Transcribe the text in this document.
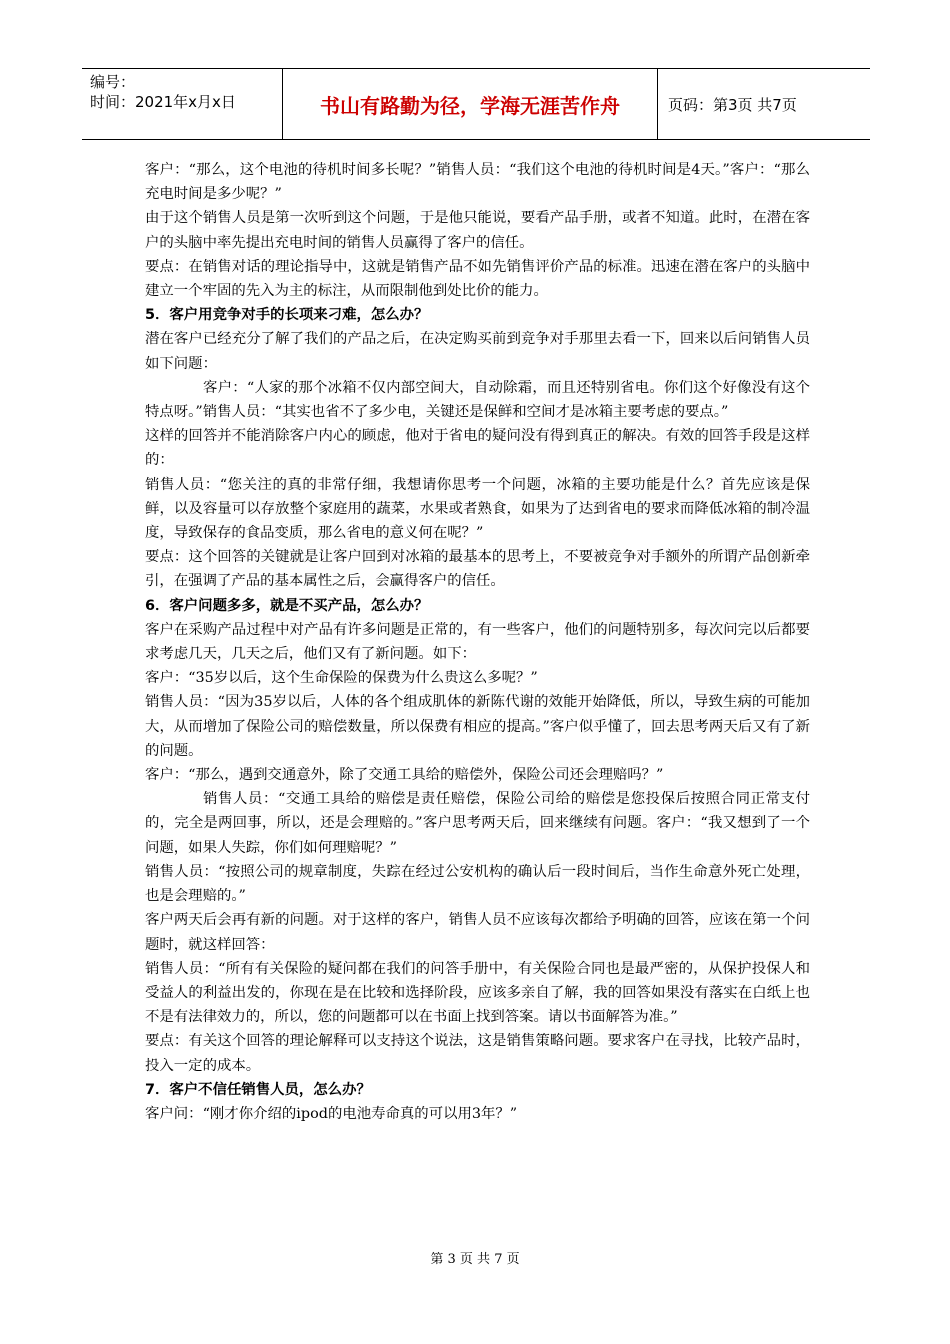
编号：
时间：2021年x月x日	书山有路勤为径，学海无涯苦作舟	页码：第3页 共7页

客户：“那么，这个电池的待机时间多长呢？”销售人员：“我们这个电池的待机时间是4天。”客户：“那么充电时间是多少呢？”

由于这个销售人员是第一次听到这个问题，于是他只能说，要看产品手册，或者不知道。此时，在潜在客户的头脑中率先提出充电时间的销售人员赢得了客户的信任。

要点：在销售对话的理论指导中，这就是销售产品不如先销售评价产品的标准。迅速在潜在客户的头脑中建立一个牢固的先入为主的标注，从而限制他到处比价的能力。

5．客户用竞争对手的长项来刁难，怎么办？

潜在客户已经充分了解了我们的产品之后，在决定购买前到竞争对手那里去看一下，回来以后问销售人员如下问题：

客户：“人家的那个冰箱不仅内部空间大，自动除霜，而且还特别省电。你们这个好像没有这个特点呀。”销售人员：“其实也省不了多少电，关键还是保鲜和空间才是冰箱主要考虑的要点。”

这样的回答并不能消除客户内心的顾虑，他对于省电的疑问没有得到真正的解决。有效的回答手段是这样的：

销售人员：“您关注的真的非常仔细，我想请你思考一个问题，冰箱的主要功能是什么？首先应该是保鲜，以及容量可以存放整个家庭用的蔬菜，水果或者熟食，如果为了达到省电的要求而降低冰箱的制冷温度，导致保存的食品变质，那么省电的意义何在呢？”

要点：这个回答的关键就是让客户回到对冰箱的最基本的思考上，不要被竞争对手额外的所谓产品创新牵引，在强调了产品的基本属性之后，会赢得客户的信任。

6．客户问题多多，就是不买产品，怎么办？

客户在采购产品过程中对产品有许多问题是正常的，有一些客户，他们的问题特别多，每次问完以后都要求考虑几天，几天之后，他们又有了新问题。如下：

客户：“35岁以后，这个生命保险的保费为什么贵这么多呢？”

销售人员：“因为35岁以后，人体的各个组成肌体的新陈代谢的效能开始降低，所以，导致生病的可能加大，从而增加了保险公司的赔偿数量，所以保费有相应的提高。”客户似乎懂了，回去思考两天后又有了新的问题。

客户：“那么，遇到交通意外，除了交通工具给的赔偿外，保险公司还会理赔吗？”

销售人员：“交通工具给的赔偿是责任赔偿，保险公司给的赔偿是您投保后按照合同正常支付的，完全是两回事，所以，还是会理赔的。”客户思考两天后，回来继续有问题。客户：“我又想到了一个问题，如果人失踪，你们如何理赔呢？”

销售人员：“按照公司的规章制度，失踪在经过公安机构的确认后一段时间后，当作生命意外死亡处理，也是会理赔的。”

客户两天后会再有新的问题。对于这样的客户，销售人员不应该每次都给予明确的回答，应该在第一个问题时，就这样回答：

销售人员：“所有有关保险的疑问都在我们的问答手册中，有关保险合同也是最严密的，从保护投保人和受益人的利益出发的，你现在是在比较和选择阶段，应该多亲自了解，我的回答如果没有落实在白纸上也不是有法律效力的，所以，您的问题都可以在书面上找到答案。请以书面解答为准。”

要点：有关这个回答的理论解释可以支持这个说法，这是销售策略问题。要求客户在寻找，比较产品时，投入一定的成本。

7．客户不信任销售人员，怎么办？

客户问：“刚才你介绍的ipod的电池寿命真的可以用3年？”

第 3 页 共 7 页
